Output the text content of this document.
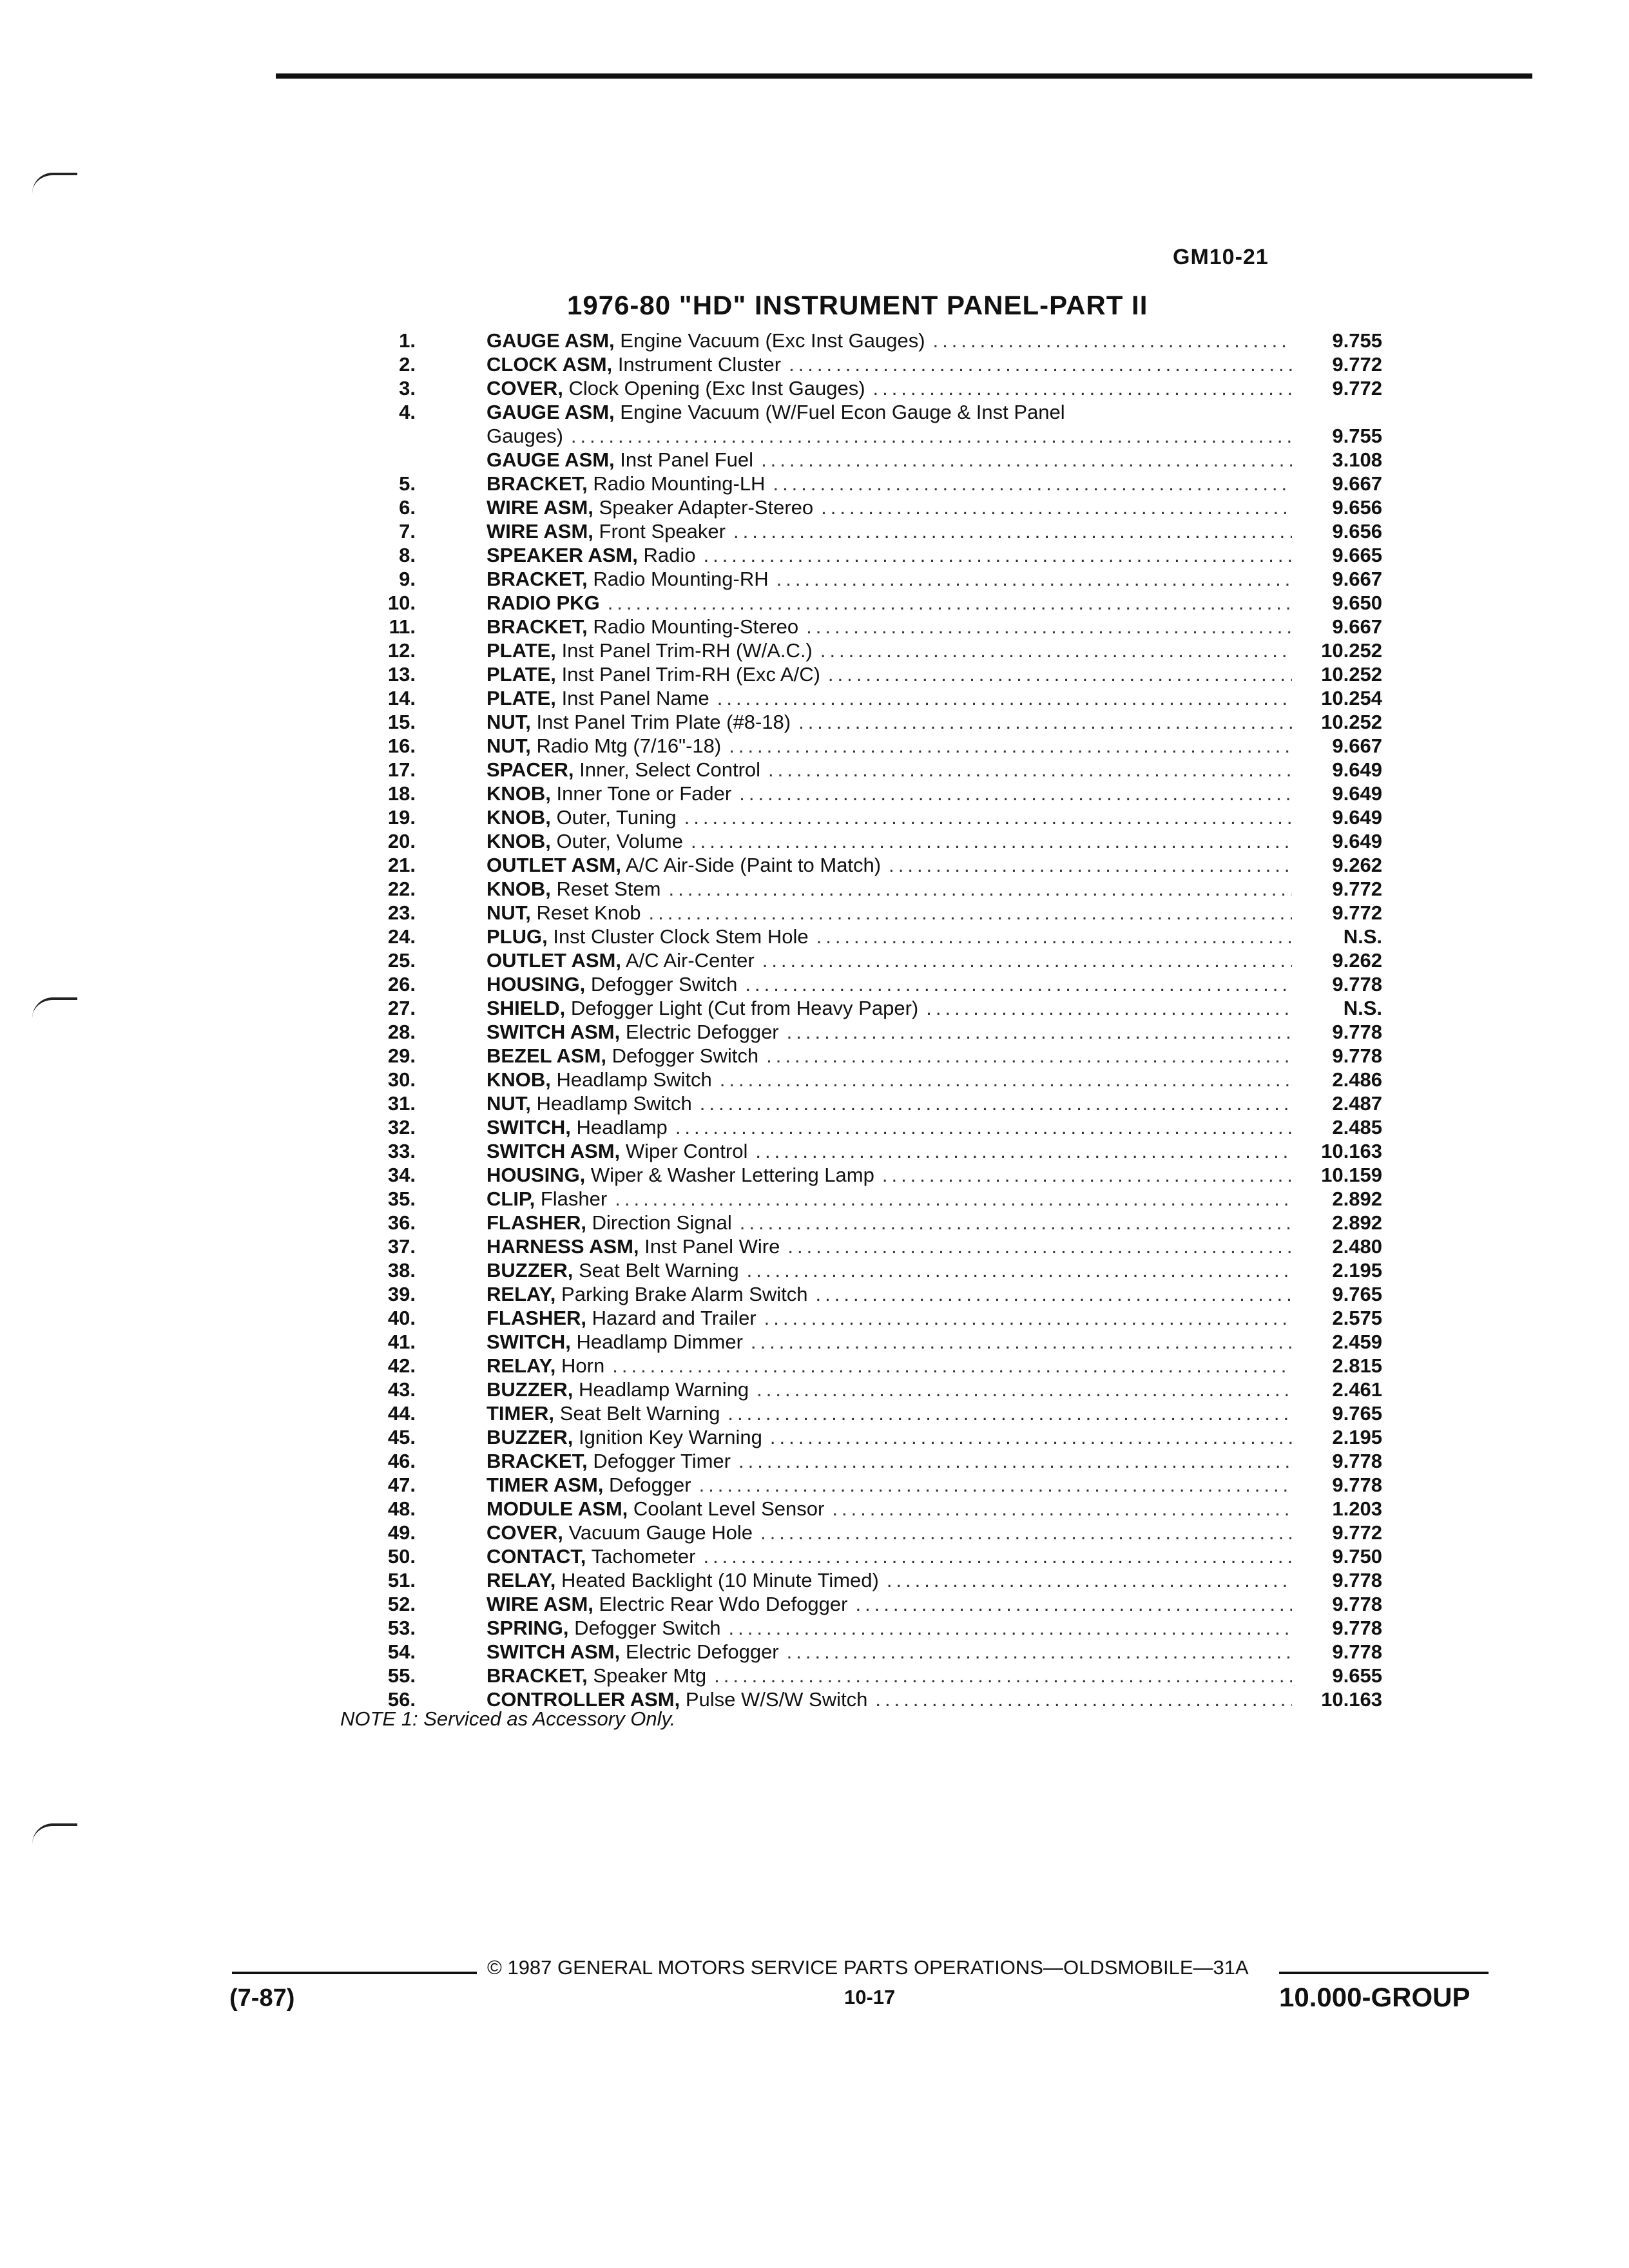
GM10-21
1976-80 "HD" INSTRUMENT PANEL-PART II
1.	GAUGE ASM, Engine Vacuum (Exc Inst Gauges) .....	9.755
2.	CLOCK ASM, Instrument Cluster .....	9.772
3.	COVER, Clock Opening (Exc Inst Gauges) .....	9.772
4.	GAUGE ASM, Engine Vacuum (W/Fuel Econ Gauge & Inst Panel
Gauges) .....	9.755
GAUGE ASM, Inst Panel Fuel .....	3.108
5.	BRACKET, Radio Mounting-LH .....	9.667
6.	WIRE ASM, Speaker Adapter-Stereo .....	9.656
7.	WIRE ASM, Front Speaker .....	9.656
8.	SPEAKER ASM, Radio .....	9.665
9.	BRACKET, Radio Mounting-RH .....	9.667
10.	RADIO PKG .....	9.650
11.	BRACKET, Radio Mounting-Stereo .....	9.667
12.	PLATE, Inst Panel Trim-RH (W/A.C.) .....	10.252
13.	PLATE, Inst Panel Trim-RH (Exc A/C) .....	10.252
14.	PLATE, Inst Panel Name .....	10.254
15.	NUT, Inst Panel Trim Plate (#8-18) .....	10.252
16.	NUT, Radio Mtg (7/16"-18) .....	9.667
17.	SPACER, Inner, Select Control .....	9.649
18.	KNOB, Inner Tone or Fader .....	9.649
19.	KNOB, Outer, Tuning .....	9.649
20.	KNOB, Outer, Volume .....	9.649
21.	OUTLET ASM, A/C Air-Side (Paint to Match) .....	9.262
22.	KNOB, Reset Stem .....	9.772
23.	NUT, Reset Knob .....	9.772
24.	PLUG, Inst Cluster Clock Stem Hole .....	N.S.
25.	OUTLET ASM, A/C Air-Center .....	9.262
26.	HOUSING, Defogger Switch .....	9.778
27.	SHIELD, Defogger Light (Cut from Heavy Paper) .....	N.S.
28.	SWITCH ASM, Electric Defogger .....	9.778
29.	BEZEL ASM, Defogger Switch .....	9.778
30.	KNOB, Headlamp Switch .....	2.486
31.	NUT, Headlamp Switch .....	2.487
32.	SWITCH, Headlamp .....	2.485
33.	SWITCH ASM, Wiper Control .....	10.163
34.	HOUSING, Wiper & Washer Lettering Lamp .....	10.159
35.	CLIP, Flasher .....	2.892
36.	FLASHER, Direction Signal .....	2.892
37.	HARNESS ASM, Inst Panel Wire .....	2.480
38.	BUZZER, Seat Belt Warning .....	2.195
39.	RELAY, Parking Brake Alarm Switch .....	9.765
40.	FLASHER, Hazard and Trailer .....	2.575
41.	SWITCH, Headlamp Dimmer .....	2.459
42.	RELAY, Horn .....	2.815
43.	BUZZER, Headlamp Warning .....	2.461
44.	TIMER, Seat Belt Warning .....	9.765
45.	BUZZER, Ignition Key Warning .....	2.195
46.	BRACKET, Defogger Timer .....	9.778
47.	TIMER ASM, Defogger .....	9.778
48.	MODULE ASM, Coolant Level Sensor .....	1.203
49.	COVER, Vacuum Gauge Hole .....	9.772
50.	CONTACT, Tachometer .....	9.750
51.	RELAY, Heated Backlight (10 Minute Timed) .....	9.778
52.	WIRE ASM, Electric Rear Wdo Defogger .....	9.778
53.	SPRING, Defogger Switch .....	9.778
54.	SWITCH ASM, Electric Defogger .....	9.778
55.	BRACKET, Speaker Mtg .....	9.655
56.	CONTROLLER ASM, Pulse W/S/W Switch .....	10.163
NOTE 1: Serviced as Accessory Only.
(7-87)
© 1987 GENERAL MOTORS SERVICE PARTS OPERATIONS—OLDSMOBILE—31A
10-17	10.000-GROUP
